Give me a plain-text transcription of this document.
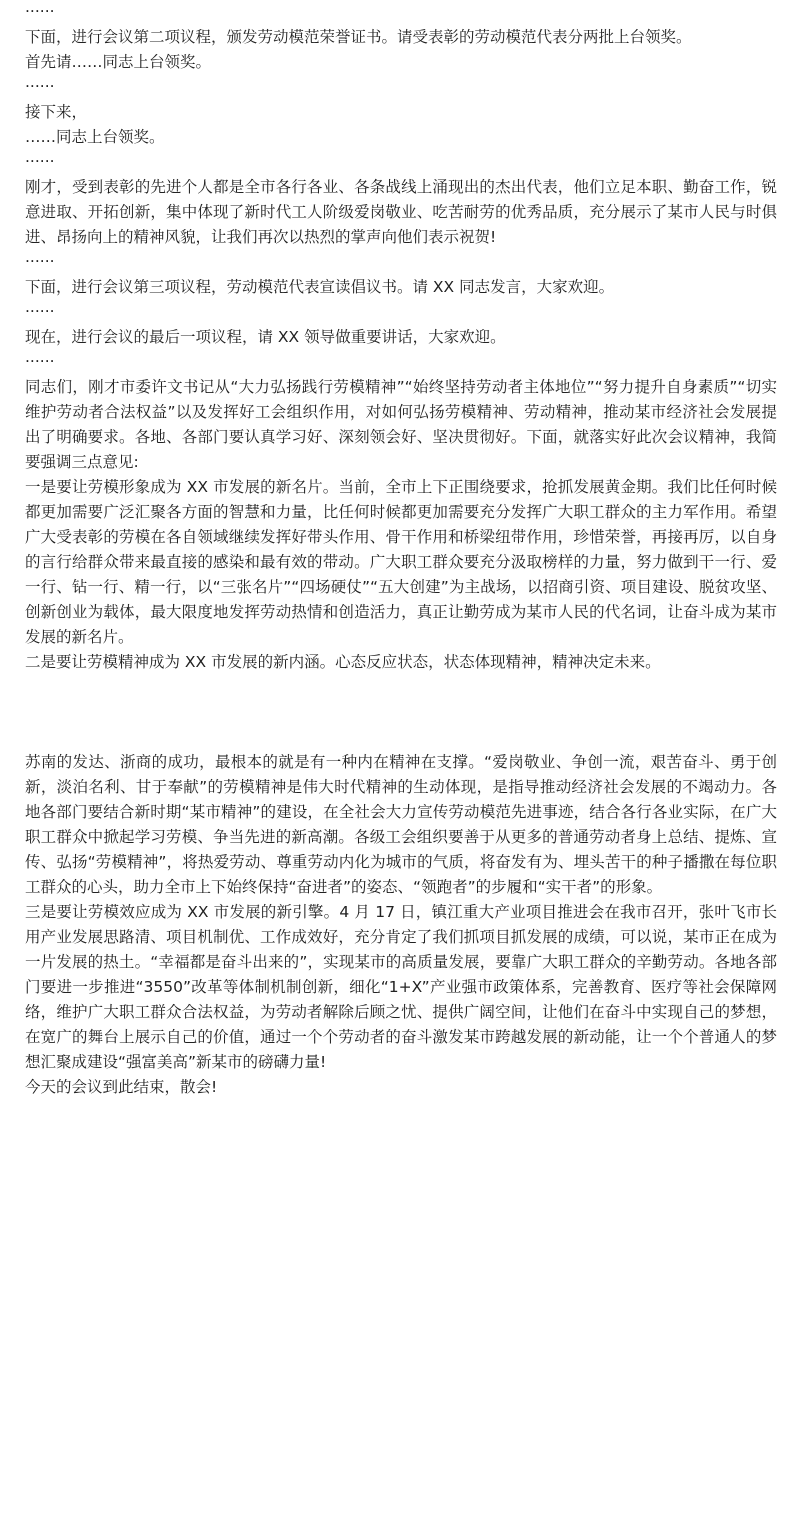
......

下面，进行会议第二项议程，颁发劳动模范荣誉证书。请受表彰的劳动模范代表分两批上台领奖。

首先请……同志上台领奖。

......

接下来，

……同志上台领奖。

......

刚才，受到表彰的先进个人都是全市各行各业、各条战线上涌现出的杰出代表，他们立足本职、勤奋工作，锐意进取、开拓创新，集中体现了新时代工人阶级爱岗敬业、吃苦耐劳的优秀品质，充分展示了某市人民与时俱进、昂扬向上的精神风貌，让我们再次以热烈的掌声向他们表示祝贺!

......

下面，进行会议第三项议程，劳动模范代表宣读倡议书。请 XX 同志发言，大家欢迎。

......

现在，进行会议的最后一项议程，请 XX 领导做重要讲话，大家欢迎。

......

同志们，刚才市委许文书记从“大力弘扬践行劳模精神”“始终坚持劳动者主体地位”“努力提升自身素质”“切实维护劳动者合法权益”以及发挥好工会组织作用，对如何弘扬劳模精神、劳动精神，推动某市经济社会发展提出了明确要求。各地、各部门要认真学习好、深刻领会好、坚决贯彻好。下面，就落实好此次会议精神，我简要强调三点意见:

一是要让劳模形象成为 XX 市发展的新名片。当前，全市上下正围绕要求，抢抓发展黄金期。我们比任何时候都更加需要广泛汇聚各方面的智慧和力量，比任何时候都更加需要充分发挥广大职工群众的主力军作用。希望广大受表彰的劳模在各自领域继续发挥好带头作用、骨干作用和桥梁纽带作用，珍惜荣誉，再接再厉，以自身的言行给群众带来最直接的感染和最有效的带动。广大职工群众要充分汲取榜样的力量，努力做到干一行、爱一行、钻一行、精一行，以“三张名片”“四场硬仗”“五大创建”为主战场，以招商引资、项目建设、脱贫攻坚、创新创业为载体，最大限度地发挥劳动热情和创造活力，真正让勤劳成为某市人民的代名词，让奋斗成为某市发展的新名片。

二是要让劳模精神成为 XX 市发展的新内涵。心态反应状态，状态体现精神，精神决定未来。

苏南的发达、浙商的成功，最根本的就是有一种内在精神在支撑。“爱岗敬业、争创一流，艰苦奋斗、勇于创新，淡泊名利、甘于奉献”的劳模精神是伟大时代精神的生动体现，是指导推动经济社会发展的不竭动力。各地各部门要结合新时期“某市精神”的建设，在全社会大力宣传劳动模范先进事迹，结合各行各业实际，在广大职工群众中掀起学习劳模、争当先进的新高潮。各级工会组织要善于从更多的普通劳动者身上总结、提炼、宣传、弘扬“劳模精神”，将热爱劳动、尊重劳动内化为城市的气质，将奋发有为、埋头苦干的种子播撒在每位职工群众的心头，助力全市上下始终保持“奋进者”的姿态、“领跑者”的步履和“实干者”的形象。

三是要让劳模效应成为 XX 市发展的新引擎。4 月 17 日，镇江重大产业项目推进会在我市召开，张叶飞市长用产业发展思路清、项目机制优、工作成效好，充分肯定了我们抓项目抓发展的成绩，可以说，某市正在成为一片发展的热土。“幸福都是奋斗出来的”，实现某市的高质量发展，要靠广大职工群众的辛勤劳动。各地各部门要进一步推进“3550”改革等体制机制创新，细化“1+X”产业强市政策体系，完善教育、医疗等社会保障网络，维护广大职工群众合法权益，为劳动者解除后顾之忧、提供广阔空间，让他们在奋斗中实现自己的梦想，在宽广的舞台上展示自己的价值，通过一个个劳动者的奋斗激发某市跨越发展的新动能，让一个个普通人的梦想汇聚成建设“强富美高”新某市的磅礴力量!

今天的会议到此结束，散会!
